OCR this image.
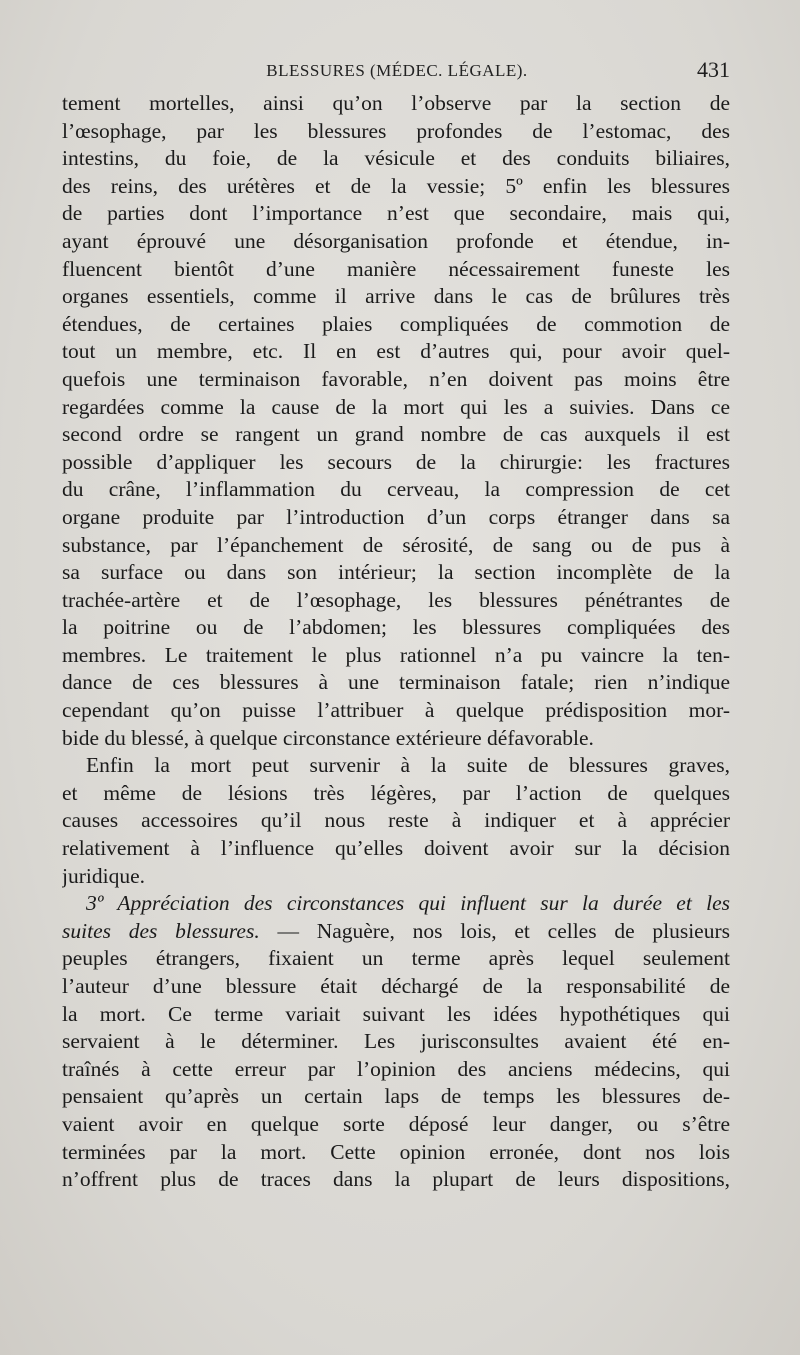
BLESSURES (MÉDEC. LÉGALE).	431
tement mortelles, ainsi qu’on l’observe par la section de
l’œsophage, par les blessures profondes de l’estomac, des
intestins, du foie, de la vésicule et des conduits biliaires,
des reins, des urétères et de la vessie; 5º enfin les blessures
de parties dont l’importance n’est que secondaire, mais qui,
ayant éprouvé une désorganisation profonde et étendue, in-
fluencent bientôt d’une manière nécessairement funeste les
organes essentiels, comme il arrive dans le cas de brûlures très
étendues, de certaines plaies compliquées de commotion de
tout un membre, etc. Il en est d’autres qui, pour avoir quel-
quefois une terminaison favorable, n’en doivent pas moins être
regardées comme la cause de la mort qui les a suivies. Dans ce
second ordre se rangent un grand nombre de cas auxquels il est
possible d’appliquer les secours de la chirurgie: les fractures
du crâne, l’inflammation du cerveau, la compression de cet
organe produite par l’introduction d’un corps étranger dans sa
substance, par l’épanchement de sérosité, de sang ou de pus à
sa surface ou dans son intérieur; la section incomplète de la
trachée-artère et de l’œsophage, les blessures pénétrantes de
la poitrine ou de l’abdomen; les blessures compliquées des
membres. Le traitement le plus rationnel n’a pu vaincre la ten-
dance de ces blessures à une terminaison fatale; rien n’indique
cependant qu’on puisse l’attribuer à quelque prédisposition mor-
bide du blessé, à quelque circonstance extérieure défavorable.
Enfin la mort peut survenir à la suite de blessures graves,
et même de lésions très légères, par l’action de quelques
causes accessoires qu’il nous reste à indiquer et à apprécier
relativement à l’influence qu’elles doivent avoir sur la décision
juridique.
3º Appréciation des circonstances qui influent sur la durée et les
suites des blessures. — Naguère, nos lois, et celles de plusieurs
peuples étrangers, fixaient un terme après lequel seulement
l’auteur d’une blessure était déchargé de la responsabilité de
la mort. Ce terme variait suivant les idées hypothétiques qui
servaient à le déterminer. Les jurisconsultes avaient été en-
traînés à cette erreur par l’opinion des anciens médecins, qui
pensaient qu’après un certain laps de temps les blessures de-
vaient avoir en quelque sorte déposé leur danger, ou s’être
terminées par la mort. Cette opinion erronée, dont nos lois
n’offrent plus de traces dans la plupart de leurs dispositions,
